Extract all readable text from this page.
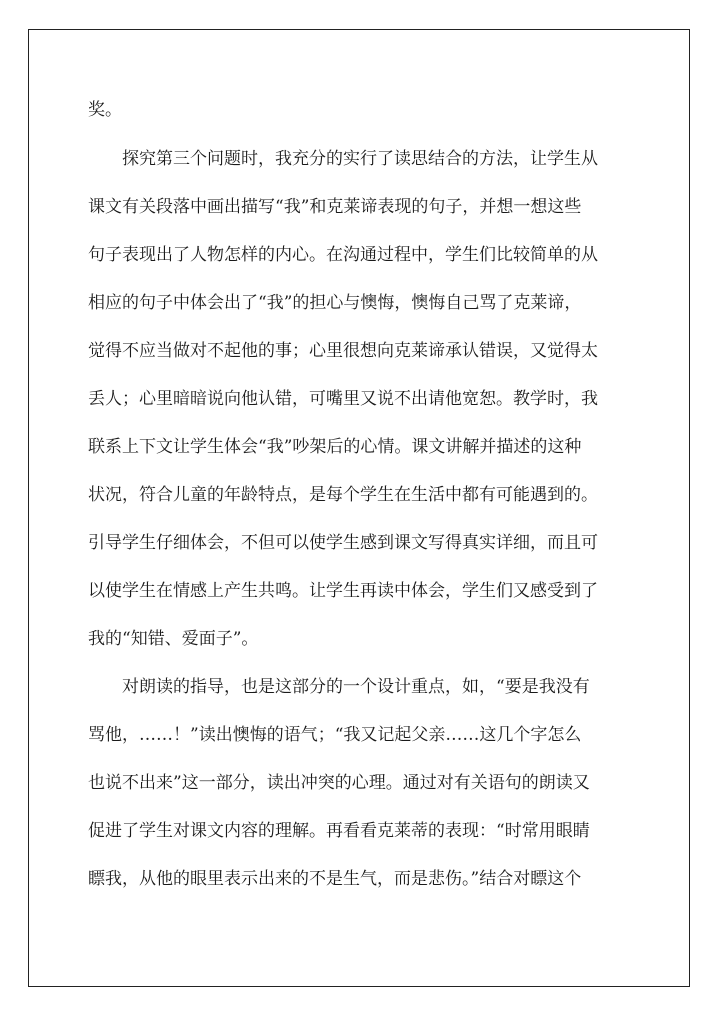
奖。
探究第三个问题时，我充分的实行了读思结合的方法，让学生从
课文有关段落中画出描写“我”和克莱谛表现的句子，并想一想这些
句子表现出了人物怎样的内心。在沟通过程中，学生们比较简单的从
相应的句子中体会出了“我”的担心与懊悔，懊悔自己骂了克莱谛，
觉得不应当做对不起他的事；心里很想向克莱谛承认错误，又觉得太
丢人；心里暗暗说向他认错，可嘴里又说不出请他宽恕。教学时，我
联系上下文让学生体会“我”吵架后的心情。课文讲解并描述的这种
状况，符合儿童的年龄特点，是每个学生在生活中都有可能遇到的。
引导学生仔细体会，不但可以使学生感到课文写得真实详细，而且可
以使学生在情感上产生共鸣。让学生再读中体会，学生们又感受到了
我的“知错、爱面子”。
对朗读的指导，也是这部分的一个设计重点，如，“要是我没有
骂他，……！”读出懊悔的语气；“我又记起父亲……这几个字怎么
也说不出来”这一部分，读出冲突的心理。通过对有关语句的朗读又
促进了学生对课文内容的理解。再看看克莱蒂的表现：“时常用眼睛
瞟我，从他的眼里表示出来的不是生气，而是悲伤。”结合对瞟这个
